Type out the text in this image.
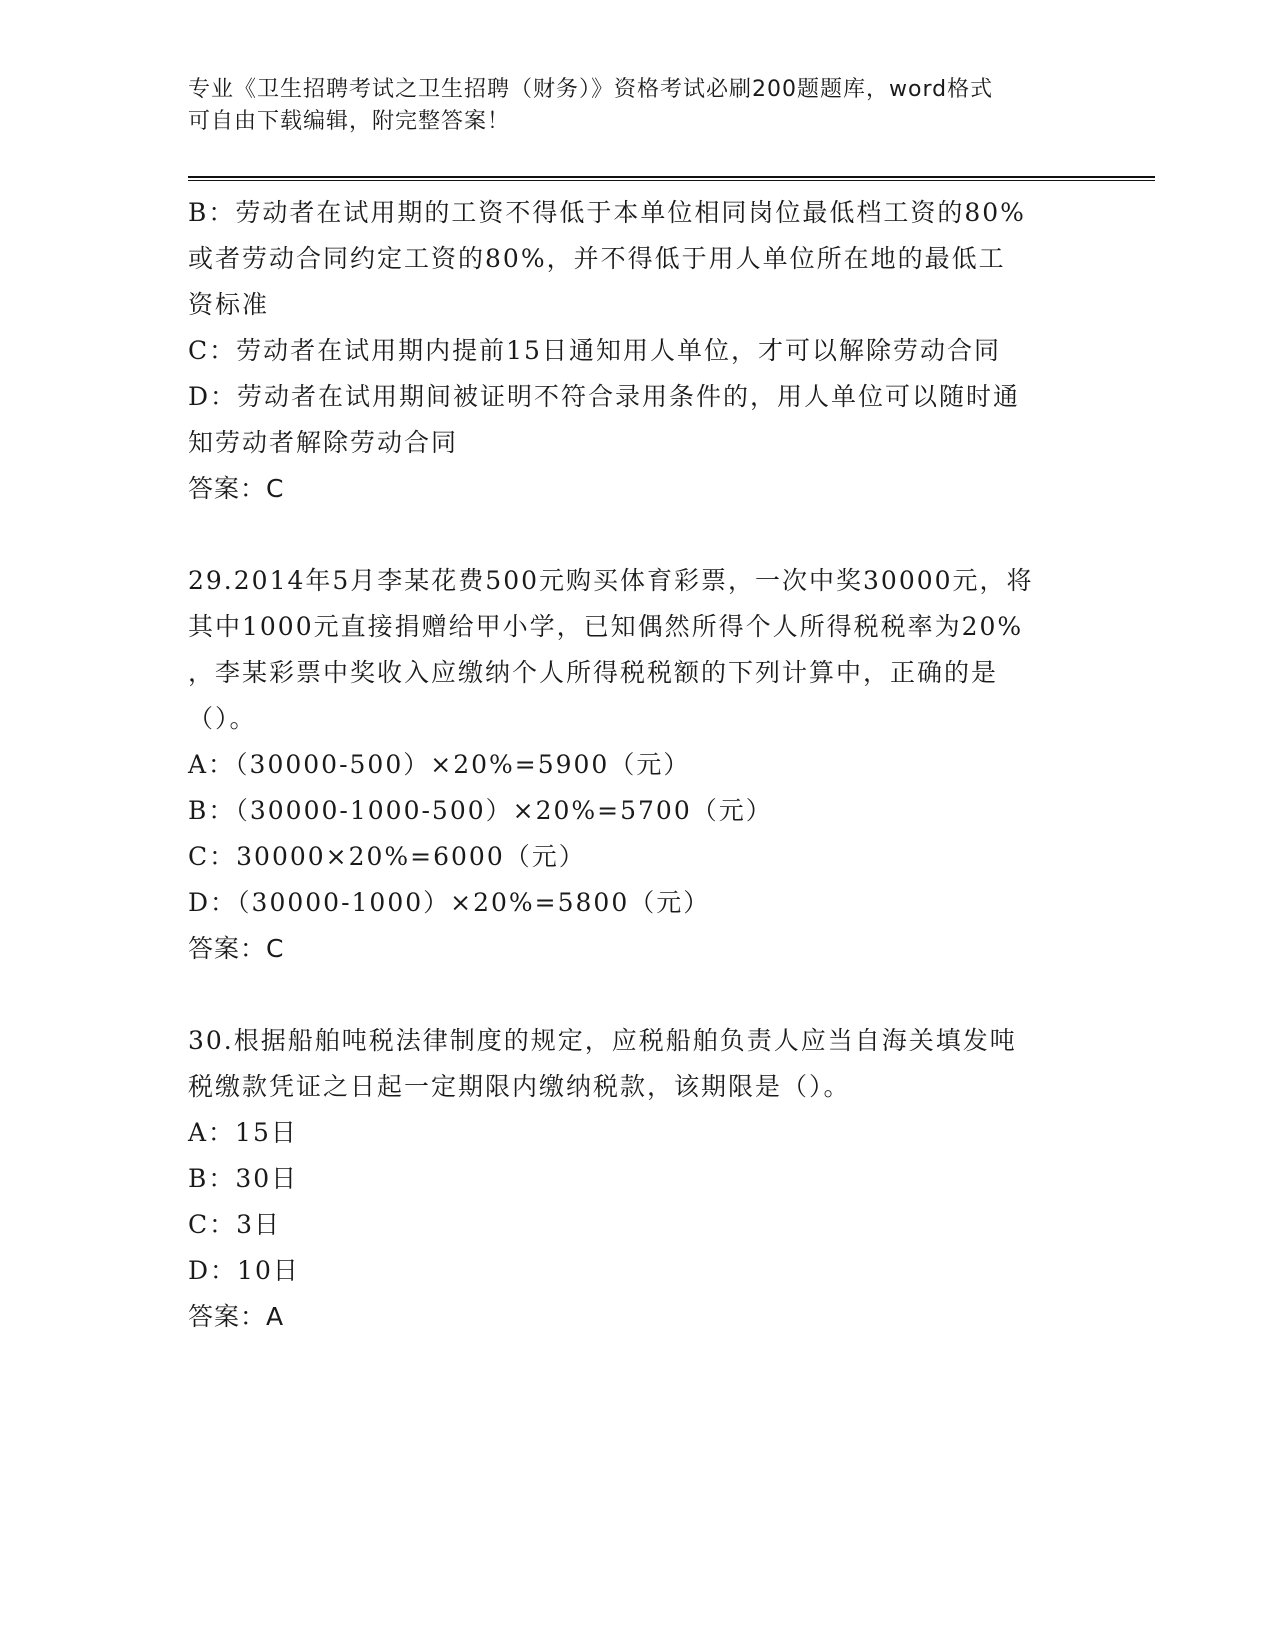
专业《卫生招聘考试之卫生招聘（财务）》资格考试必刷200题题库，word格式
可自由下载编辑，附完整答案！
B：劳动者在试用期的工资不得低于本单位相同岗位最低档工资的80%
或者劳动合同约定工资的80%，并不得低于用人单位所在地的最低工
资标准
C：劳动者在试用期内提前15日通知用人单位，才可以解除劳动合同
D：劳动者在试用期间被证明不符合录用条件的，用人单位可以随时通
知劳动者解除劳动合同
答案：C
29.2014年5月李某花费500元购买体育彩票，一次中奖30000元，将
其中1000元直接捐赠给甲小学，已知偶然所得个人所得税税率为20%
，李某彩票中奖收入应缴纳个人所得税税额的下列计算中，正确的是
（）。
A：（30000-500）×20%=5900（元）
B：（30000-1000-500）×20%=5700（元）
C：30000×20%=6000（元）
D：（30000-1000）×20%=5800（元）
答案：C
30.根据船舶吨税法律制度的规定，应税船舶负责人应当自海关填发吨
税缴款凭证之日起一定期限内缴纳税款，该期限是（）。
A：15日
B：30日
C：3日
D：10日
答案：A
